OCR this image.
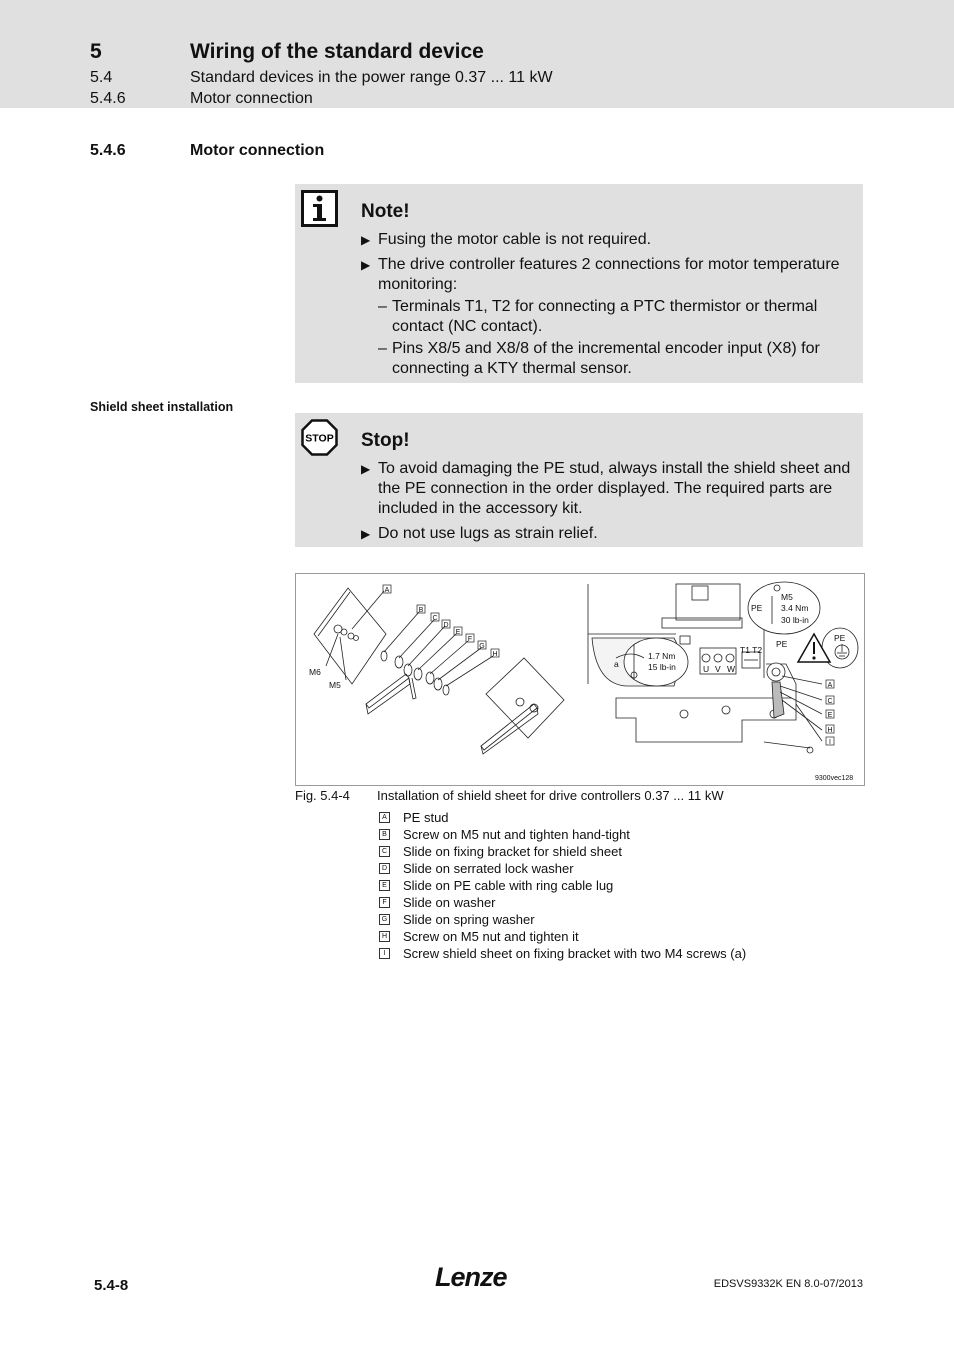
5	Wiring of the standard device
5.4	Standard devices in the power range 0.37 ... 11 kW
5.4.6	Motor connection
5.4.6	Motor connection
Note!
▶ Fusing the motor cable is not required.
▶ The drive controller features 2 connections for motor temperature monitoring:
– Terminals T1, T2 for connecting a PTC thermistor or thermal contact (NC contact).
– Pins X8/5 and X8/8 of the incremental encoder input (X8) for connecting a KTY thermal sensor.
Shield sheet installation
STOP Stop!
▶ To avoid damaging the PE stud, always install the shield sheet and the PE connection in the order displayed. The required parts are included in the accessory kit.
▶ Do not use lugs as strain relief.
A
B
C
D
E
F
G
H
A
C
E
H
I
M6
M5
a
1.7 Nm
15 lb-in
M5
3.4 Nm
30 lb-in
PE
PE
PE
T1 T2
U V W
9300vec128
Fig. 5.4-4 Installation of shield sheet for drive controllers 0.37 ... 11 kW
A PE stud
B Screw on M5 nut and tighten hand-tight
C Slide on fixing bracket for shield sheet
D Slide on serrated lock washer
E Slide on PE cable with ring cable lug
F Slide on washer
G Slide on spring washer
H Screw on M5 nut and tighten it
I Screw shield sheet on fixing bracket with two M4 screws (a)
5.4-8	Lenze	EDSVS9332K EN 8.0-07/2013
